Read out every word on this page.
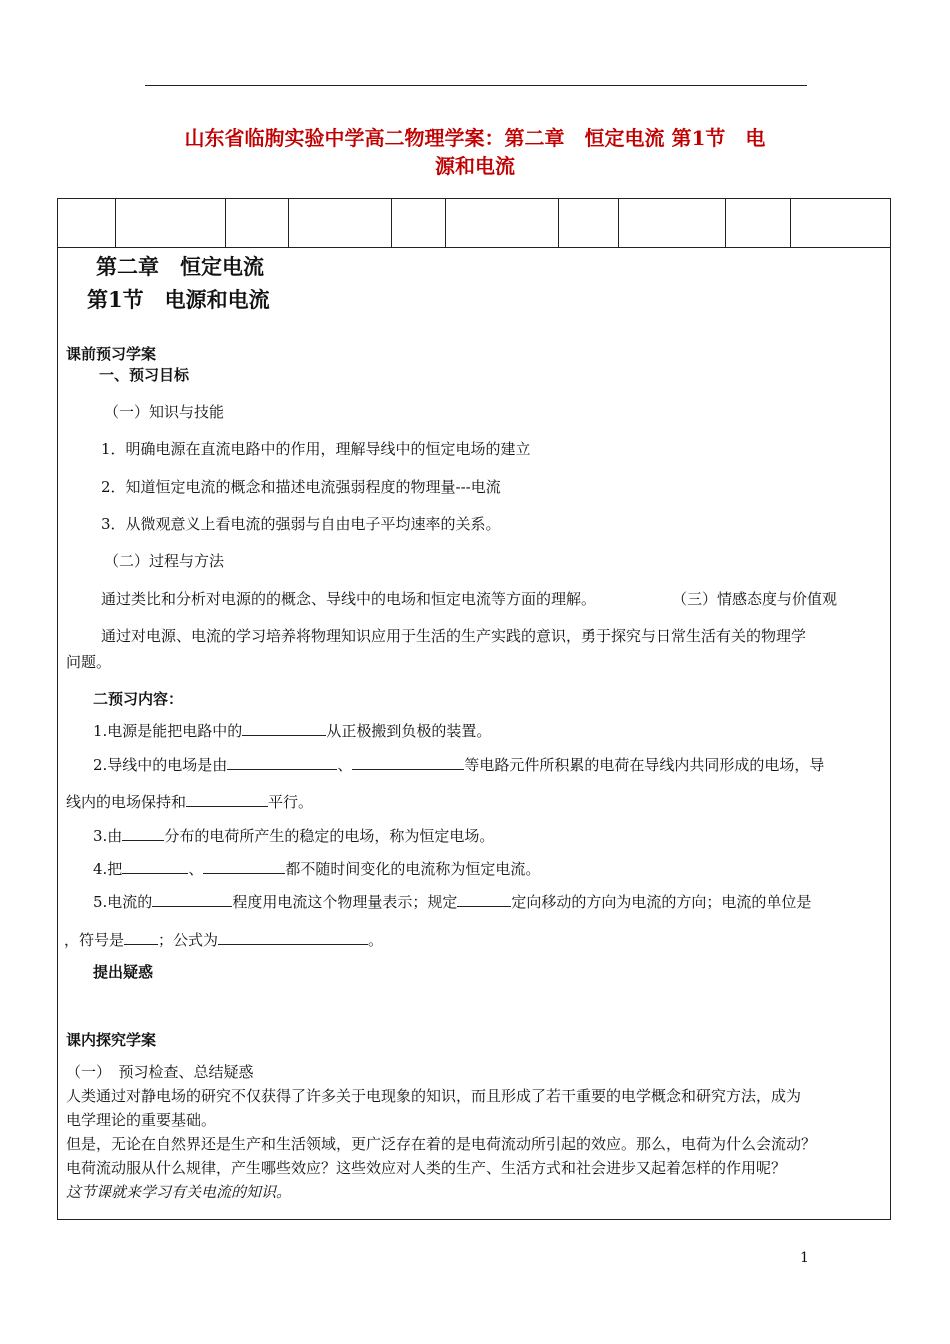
山东省临朐实验中学高二物理学案：第二章　恒定电流 第1节　电
源和电流
第二章　恒定电流
第1节　电源和电流
课前预习学案
一、预习目标
（一）知识与技能
1．明确电源在直流电路中的作用，理解导线中的恒定电场的建立
2．知道恒定电流的概念和描述电流强弱程度的物理量---电流
3．从微观意义上看电流的强弱与自由电子平均速率的关系。
（二）过程与方法
通过类比和分析对电源的的概念、导线中的电场和恒定电流等方面的理解。	（三）情感态度与价值观
通过对电源、电流的学习培养将物理知识应用于生活的生产实践的意识，勇于探究与日常生活有关的物理学
问题。
二预习内容：
1.电源是能把电路中的	从正极搬到负极的装置。
2.导线中的电场是由	、	等电路元件所积累的电荷在导线内共同形成的电场，导
线内的电场保持和	平行。
3.由	分布的电荷所产生的稳定的电场，称为恒定电场。
4.把	、	都不随时间变化的电流称为恒定电流。
5.电流的	程度用电流这个物理量表示；规定	定向移动的方向为电流的方向；电流的单位是
，符号是 ；公式为	。
提出疑惑
课内探究学案
（一）　预习检查、总结疑惑
人类通过对静电场的研究不仅获得了许多关于电现象的知识，而且形成了若干重要的电学概念和研究方法，成为
电学理论的重要基础。
但是，无论在自然界还是生产和生活领域，更广泛存在着的是电荷流动所引起的效应。那么，电荷为什么会流动？
电荷流动服从什么规律，产生哪些效应？这些效应对人类的生产、生活方式和社会进步又起着怎样的作用呢？
这节课就来学习有关电流的知识。
1
